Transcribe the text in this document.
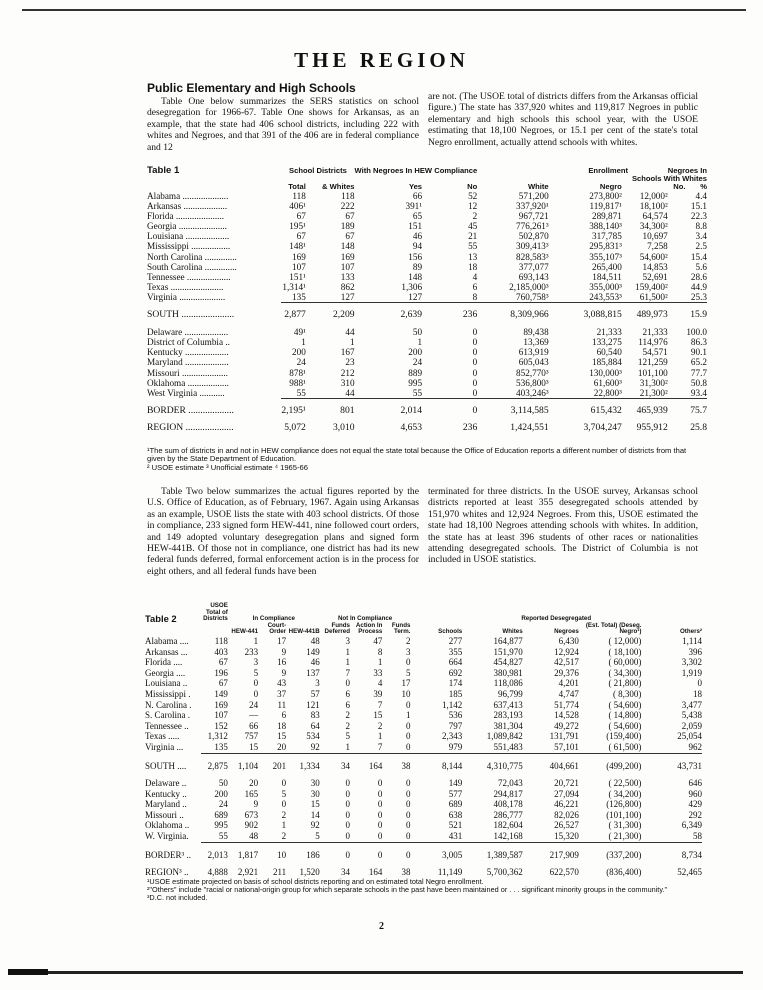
THE REGION
Public Elementary and High Schools

Table One below summarizes the SERS statistics on school desegregation for 1966-67. Table One shows for Arkansas, as an example, that the state had 406 school districts, including 222 with whites and Negroes, and that 391 of the 406 are in federal compliance and 12

are not. (The USOE total of districts differs from the Arkansas official figure.) The state has 337,920 whites and 119,817 Negroes in public elementary and high schools this school year, with the USOE estimating that 18,100 Negroes, or 15.1 per cent of the state's total Negro enrollment, actually attend schools with whites.

Table 1	School Districts		With Negroes In HEW Compliance			Enrollment		Negroes In
	Total	& Whites	Yes	No	White	Negro	Schools With Whites
No. %	
Alabama ....................	118	118	66	52	571,200	273,800²	12,000²	4.4
Arkansas ...................	406¹	222	391¹	12	337,920¹	119,817¹	18,100²	15.1
Florida .....................	67	67	65	2	967,721	289,871	64,574	22.3
Georgia .....................	195¹	189	151	45	776,261³	388,140³	34,300²	8.8
Louisiana ...................	67	67	46	21	502,870	317,785	10,697	3.4
Mississippi .................	148¹	148	94	55	309,413³	295,831³	7,258	2.5
North Carolina ..............	169	169	156	13	828,583³	355,107³	54,600²	15.4
South Carolina ..............	107	107	89	18	377,077	265,400	14,853	5.6
Tennessee ...................	151¹	133	148	4	693,143	184,511	52,691	28.6
Texas .......................	1,314¹	862	1,306	6	2,185,000³	355,000³	159,400²	44.9
Virginia ....................	135	127	127	8	760,758³	243,553³	61,500²	25.3

SOUTH ......................	2,877	2,209	2,639	236	8,309,966	3,088,815	489,973	15.9

Delaware ...................	49¹	44	50	0	89,438	21,333	21,333	100.0
District of Columbia ..	1	1	1	0	13,369	133,275	114,976	86.3
Kentucky ...................	200	167	200	0	613,919	60,540	54,571	90.1
Maryland ...................	24	23	24	0	605,043	185,884	121,259	65.2
Missouri ....................	878¹	212	889	0	852,770³	130,000³	101,100	77.7
Oklahoma ..................	988¹	310	995	0	536,800³	61,600³	31,300²	50.8
West Virginia ...........	55	44	55	0	403,246³	22,800³	21,300²	93.4

BORDER ...................	2,195¹	801	2,014	0	3,114,585	615,432	465,939	75.7

REGION ....................	5,072	3,010	4,653	236	1,424,551	3,704,247	955,912	25.8

¹The sum of districts in and not in HEW compliance does not equal the state total because the Office of Education reports a different number of districts from that given by the State Department of Education.

² USOE estimate ³ Unofficial estimate ⁴ 1965-66

Table Two below summarizes the actual figures reported by the U.S. Office of Education, as of February, 1967. Again using Arkansas as an example, USOE lists the state with 403 school districts. Of those in compliance, 233 signed form HEW-441, nine followed court orders, and 149 adopted voluntary desegregation plans and signed form HEW-441B. Of those not in compliance, one district has had its new federal funds deferred, formal enforcement action is in the process for eight others, and all federal funds have been

terminated for three districts. In the USOE survey, Arkansas school districts reported at least 355 desegregated schools attended by 151,970 whites and 12,924 Negroes. From this, USOE estimated the state had 18,100 Negroes attending schools with whites. In addition, the state has at least 396 students of other races or nationalities attending desegregated schools. The District of Columbia is not included in USOE statistics.

Table 2	USOE Total of Districts	In Compliance			Not In Compliance			Reported Desegregated				
		HEW-441	Court-Order	HEW-441B	Funds Deferred	Action In Process	Funds Term.	Schools	Whites	Negroes	(Est. Total) (Deseg. Negro¹)	Others²
Alabama ....	118	1	17	48	3	47	2	277	164,877	6,430	( 12,000)	1,114
Arkansas ...	403	233	9	149	1	8	3	355	151,970	12,924	( 18,100)	396
Florida ....	67	3	16	46	1	1	0	664	454,827	42,517	( 60,000)	3,302
Georgia ....	196	5	9	137	7	33	5	692	380,981	29,376	( 34,300)	1,919
Louisiana ..	67	0	43	3	0	4	17	174	118,086	4,201	( 21,800)	0
Mississippi .	149	0	37	57	6	39	10	185	96,799	4,747	( 8,300)	18
N. Carolina .	169	24	11	121	6	7	0	1,142	637,413	51,774	( 54,600)	3,477
S. Carolina .	107	—	6	83	2	15	1	536	283,193	14,528	( 14,800)	5,438
Tennessee ..	152	66	18	64	2	2	0	797	381,304	49,272	( 54,600)	2,059
Texas .....	1,312	757	15	534	5	1	0	2,343	1,089,842	131,791	(159,400)	25,054
Virginia ...	135	15	20	92	1	7	0	979	551,483	57,101	( 61,500)	962

SOUTH ....	2,875	1,104	201	1,334	34	164	38	8,144	4,310,775	404,661	(499,200)	43,731

Delaware ..	50	20	0	30	0	0	0	149	72,043	20,721	( 22,500)	646
Kentucky ..	200	165	5	30	0	0	0	577	294,817	27,094	( 34,200)	960
Maryland ..	24	9	0	15	0	0	0	689	408,178	46,221	(126,800)	429
Missouri ..	689	673	2	14	0	0	0	638	286,777	82,026	(101,100)	292
Oklahoma ..	995	902	1	92	0	0	0	521	182,604	26,527	( 31,300)	6,349
W. Virginia.	55	48	2	5	0	0	0	431	142,168	15,320	( 21,300)	58

BORDER³ ..	2,013	1,817	10	186	0	0	0	3,005	1,389,587	217,909	(337,200)	8,734

REGION³ ..	4,888	2,921	211	1,520	34	164	38	11,149	5,700,362	622,570	(836,400)	52,465

¹USOE estimate projected on basis of school districts reporting and on estimated total Negro enrollment.

²"Others" include "racial or national-origin group for which separate schools in the past have been maintained or . . . significant minority groups in the community."

³D.C. not included.

2
